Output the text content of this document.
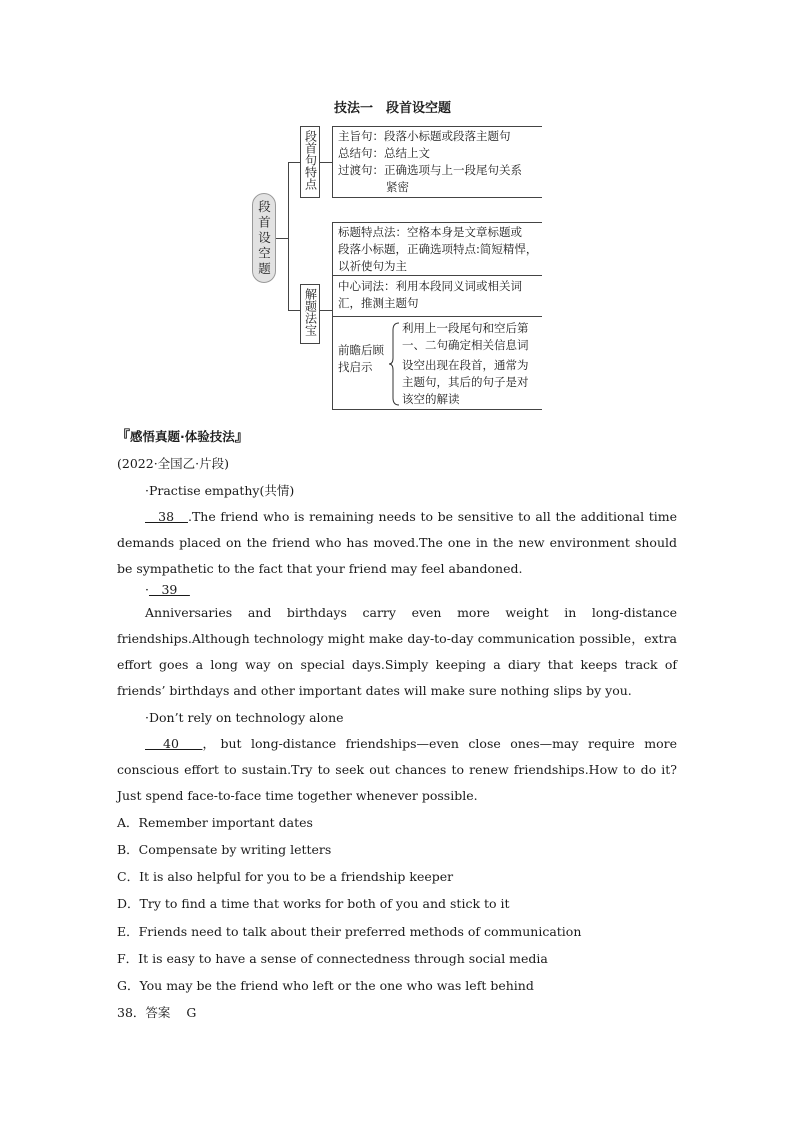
技法一　段首设空题
段首设空题
段首句特点 主旨句：段落小标题或段落主题句
总结句：总结上文
过渡句：正确选项与上一段尾句关系
紧密
解题法宝
标题特点法：空格本身是文章标题或
段落小标题，正确选项特点:简短精悍，
以祈使句为主
中心词法：利用本段同义词或相关词
汇，推测主题句
前瞻后顾
找启示
利用上一段尾句和空后第
一、二句确定相关信息词
设空出现在段首，通常为
主题句，其后的句子是对
该空的解读
『感悟真题·体验技法』
(2022·全国乙·片段)
·Practise empathy(共情)
　38　.The friend who is remaining needs to be sensitive to all the additional time demands placed on the friend who has moved.The one in the new environment should be sympathetic to the fact that your friend may feel abandoned.
·　39　
Anniversaries and birthdays carry even more weight in long-distance friendships.Although technology might make day-to-day communication possible，extra effort goes a long way on special days.Simply keeping a diary that keeps track of friends’ birthdays and other important dates will make sure nothing slips by you.
·Don’t rely on technology alone
　40　，but long-distance friendships—even close ones—may require more conscious effort to sustain.Try to seek out chances to renew friendships.How to do it? Just spend face-to-face time together whenever possible.
A．Remember important dates
B．Compensate by writing letters
C．It is also helpful for you to be a friendship keeper
D．Try to find a time that works for both of you and stick to it
E．Friends need to talk about their preferred methods of communication
F．It is easy to have a sense of connectedness through social media
G．You may be the friend who left or the one who was left behind
38．答案 G
